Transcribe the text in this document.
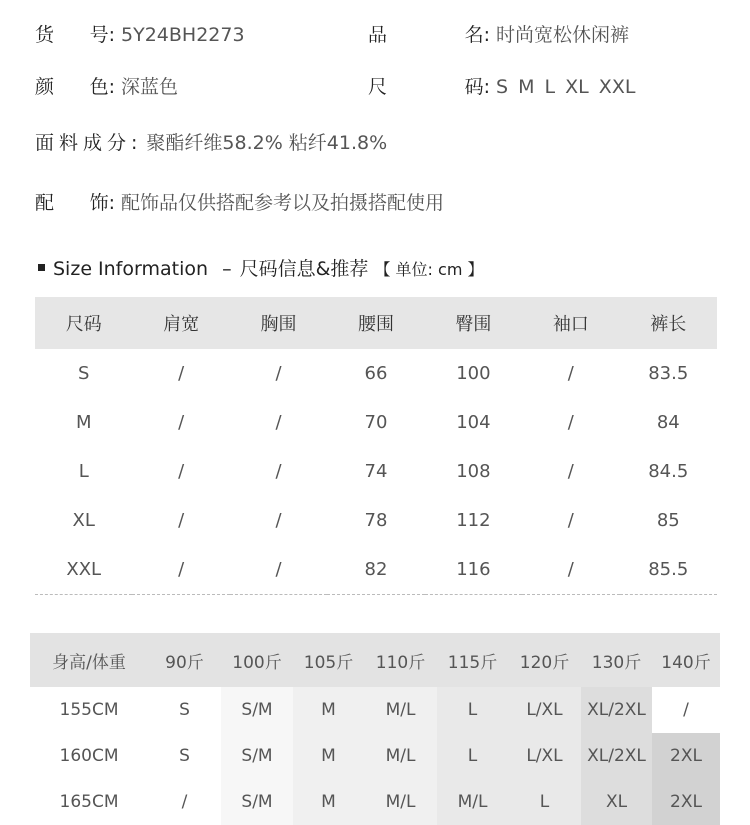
货 号: 5Y24BH2273	品	名: 时尚宽松休闲裤
颜 色: 深蓝色	尺	码: S M L XL XXL
面料成分: 聚酯纤维58.2% 粘纤41.8%
配 饰: 配饰品仅供搭配参考以及拍摄搭配使用
Size Information – 尺码信息&推荐 【 单位: cm 】
尺码	肩宽	胸围	腰围	臀围	袖口	裤长
S	/	/	66	100	/	83.5
M	/	/	70	104	/	84
L	/	/	74	108	/	84.5
XL	/	/	78	112	/	85
XXL	/	/	82	116	/	85.5
身高/体重	90斤	100斤	105斤	110斤	115斤	120斤	130斤	140斤
155CM	S	S/M	M	M/L	L	L/XL	XL/2XL	/
160CM	S	S/M	M	M/L	L	L/XL	XL/2XL	2XL
165CM	/	S/M	M	M/L	M/L	L	XL	2XL
